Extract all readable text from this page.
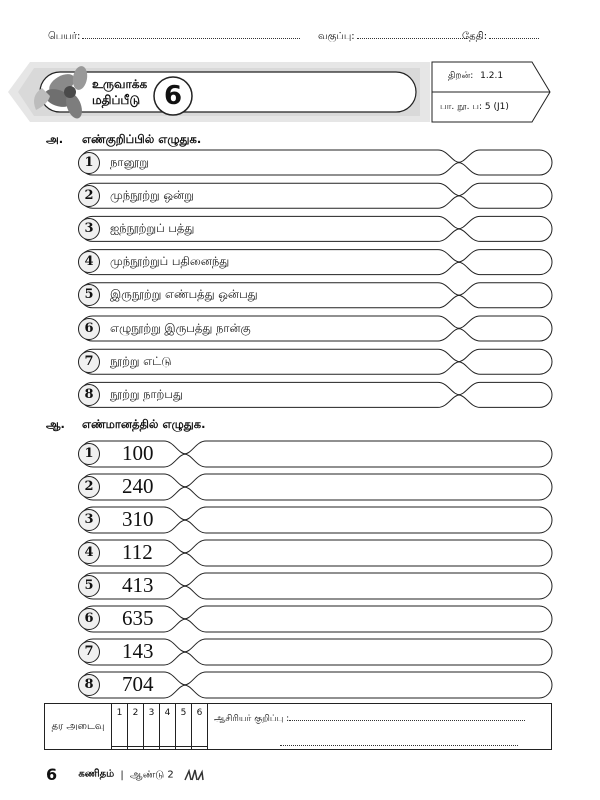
பெயர்:	வகுப்பு:	தேதி:
உருவாக்க
மதிப்பீடு 6
திறன்: 1.2.1
பா. நூ. ப: 5 (J1)
அ. எண்குறிப்பில் எழுதுக.
1	நானூறு
2	முந்நூற்று ஒன்று
3	ஐந்நூற்றுப் பத்து
4	முந்நூற்றுப் பதினைந்து
5	இருநூற்று எண்பத்து ஒன்பது
6	எழுநூற்று இருபத்து நான்கு
7	நூற்று எட்டு
8	நூற்று நாற்பது
ஆ. எண்மானத்தில் எழுதுக.
1	100
2	240
3	310
4	112
5	413
6	635
7	143
8	704
தர அடைவு	1	2	3	4	5	6	ஆசிரியர் குறிப்பு :

6 கணிதம் | ஆண்டு 2
